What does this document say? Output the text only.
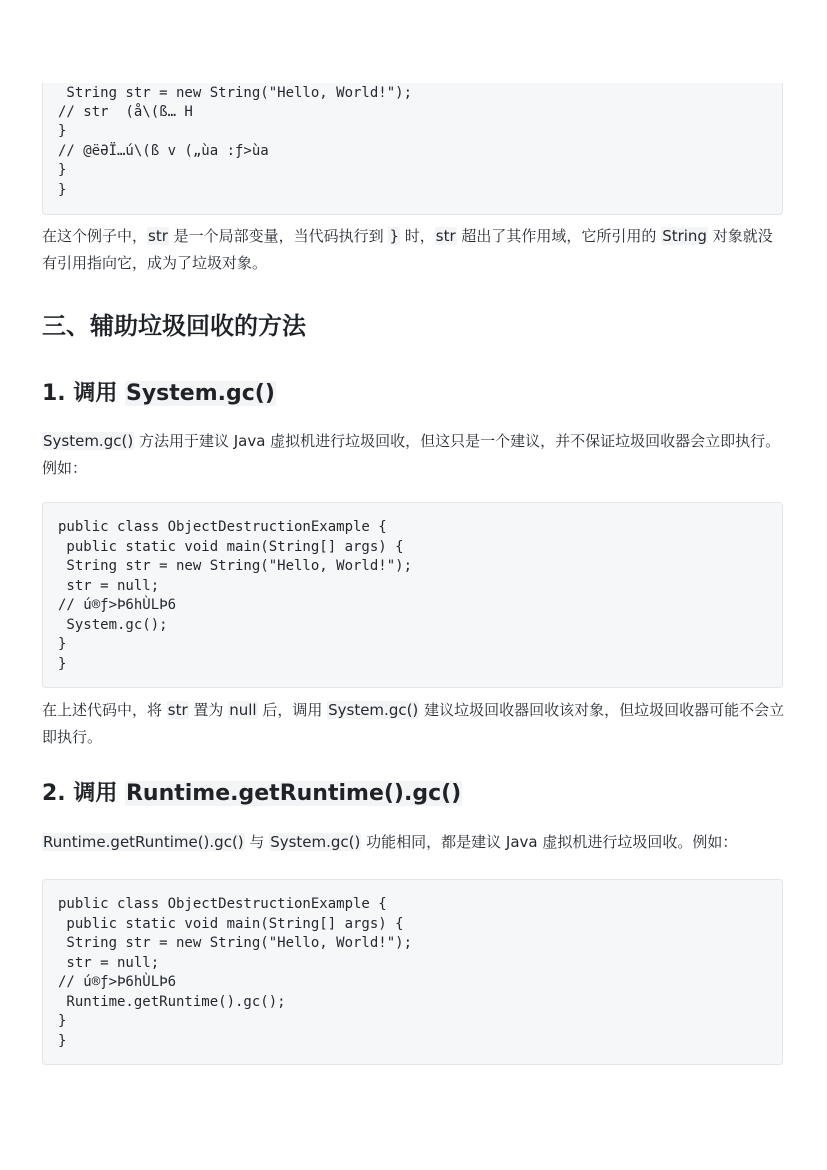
String str = new String("Hello, World!");
// str  (å\(ß… H
}
// @ëƏÏ…ú\(ß v („ùa :ƒ>ùa
}
}

在这个例子中，str 是一个局部变量，当代码执行到 } 时，str 超出了其作用域，它所引用的 String 对象就没有引用指向它，成为了垃圾对象。

三、辅助垃圾回收的方法
1. 调用 System.gc()

System.gc() 方法用于建议 Java 虚拟机进行垃圾回收，但这只是一个建议，并不保证垃圾回收器会立即执行。例如：

public class ObjectDestructionExample {
public static void main(String[] args) {
String str = new String("Hello, World!");
str = null;
// ú®ƒ>Þ6hÙLÞ6
System.gc();
}
}

在上述代码中，将 str 置为 null 后，调用 System.gc() 建议垃圾回收器回收该对象，但垃圾回收器可能不会立即执行。

2. 调用 Runtime.getRuntime().gc()

Runtime.getRuntime().gc() 与 System.gc() 功能相同，都是建议 Java 虚拟机进行垃圾回收。例如：

public class ObjectDestructionExample {
public static void main(String[] args) {
String str = new String("Hello, World!");
str = null;
// ú®ƒ>Þ6hÙLÞ6
Runtime.getRuntime().gc();
}
}
